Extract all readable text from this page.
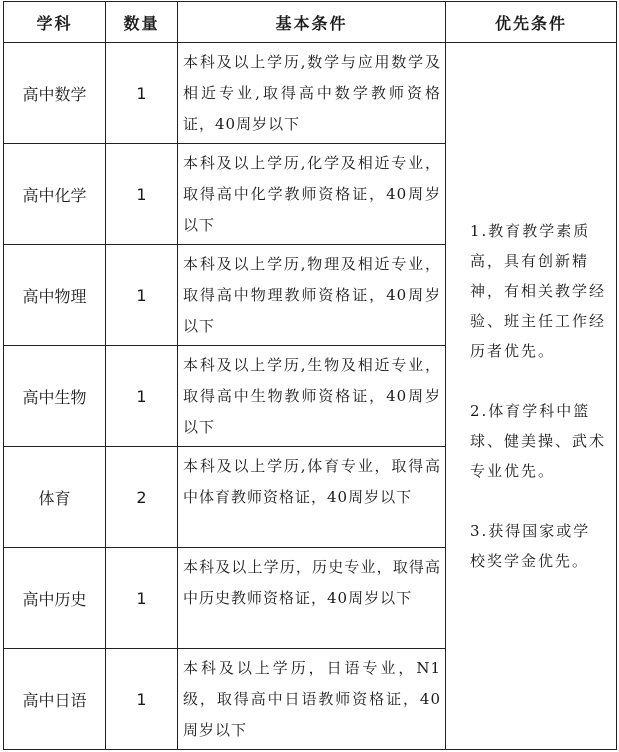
学科	数量	基本条件	优先条件
高中数学	1	本科及以上学历,数学与应用数学及相近专业,取得高中数学教师资格证，40周岁以下	1.教育教学素质高，具有创新精神，有相关教学经验、班主任工作经历者优先。

2.体育学科中篮球、健美操、武术专业优先。

3.获得国家或学校奖学金优先。

高中化学	1	本科及以上学历,化学及相近专业，取得高中化学教师资格证，40周岁以下	
高中物理	1	本科及以上学历,物理及相近专业，取得高中物理教师资格证，40周岁以下	
高中生物	1	本科及以上学历,生物及相近专业，取得高中生物教师资格证，40周岁以下	
体育	2	本科及以上学历,体育专业，取得高中体育教师资格证，40周岁以下	
高中历史	1	本科及以上学历，历史专业，取得高中历史教师资格证，40周岁以下	
高中日语	1	本科及以上学历，日语专业，N1级，取得高中日语教师资格证，40周岁以下	
